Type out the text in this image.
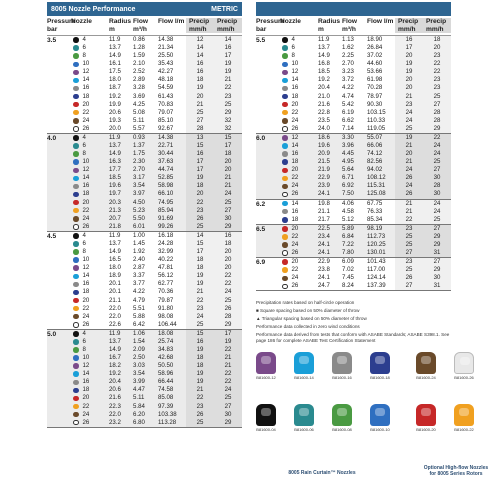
8005 Nozzle Performance	METRIC
Pressure bar
Nozzle	Radius m
Flow m³/h
Flow l/m Precip mm/h
Precip mm/h
3.5	4	11.9	0.86	14.38	12	14
6	13.7	1.28	21.34	14	16
8	14.9	1.59	25.50	14	17
10	16.1	2.10	35.43	16	19
12	17.5	2.52	42.27	16	19
14	18.0	2.89	48.18	18	21
16	18.7	3.28	54.59	19	22
18	19.2	3.69	61.43	20	23
20	19.9	4.25	70.83	21	25
22	20.6	5.08	79.07	25	29
24	19.3	5.11	85.10	27	32
26	20.0	5.57	92.67	28	32
4.0	4	11.9	0.93	14.38	13	15
6	13.7	1.37	22.71	15	17
8	14.9	1.75	30.44	16	18
10	16.3	2.30	37.63	17	20
12	17.7	2.70	44.74	17	20
14	18.5	3.17	52.85	19	21
16	19.6	3.54	58.98	18	21
18	19.7	3.97	66.10	20	24
20	20.3	4.50	74.95	22	25
22	21.3	5.23	85.94	23	27
24	20.7	5.50	91.69	26	30
26	21.8	6.01	99.26	25	29
4.5	4	11.9	1.00	16.18	14	16
6	13.7	1.45	24.28	15	18
8	14.9	1.92	32.99	17	20
10	16.5	2.40	40.22	18	20
12	18.0	2.87	47.81	18	20
14	18.9	3.37	56.12	19	22
16	20.1	3.77	62.77	19	22
18	20.1	4.22	70.36	21	24
20	21.1	4.79	79.87	22	25
22	22.0	5.51	91.80	23	26
24	22.0	5.88	98.08	24	28
26	22.6	6.42	106.44	25	29
5.0	4	11.9	1.06	18.08	15	17
6	13.7	1.54	25.74	16	19
8	14.9	2.09	34.83	19	22
10	16.7	2.50	42.68	18	21
12	18.2	3.03	50.50	18	21
14	19.2	3.54	58.96	19	22
16	20.4	3.99	66.44	19	22
18	20.6	4.47	74.58	21	24
20	21.6	5.11	85.08	22	25
22	22.3	5.84	97.39	23	27
24	22.0	6.20	103.38	26	30
26	23.2	6.80	113.28	25	29
Pressure bar
Nozzle	Radius m
Flow m³/h
Flow l/m Precip mm/h
Precip mm/h
5.5	4	11.9	1.13	18.90	16	18
6	13.7	1.62	26.84	17	20
8	14.9	2.25	37.02	20	23
10	16.8	2.70	44.60	19	22
12	18.5	3.23	53.66	19	22
14	19.2	3.72	61.98	20	23
16	20.4	4.22	70.28	20	23
18	21.0	4.74	78.97	21	25
20	21.6	5.42	90.30	23	27
22	22.8	6.19	103.15	24	28
24	23.5	6.62	110.33	24	28
26	24.0	7.14	119.05	25	29
6.0	12	18.6	3.30	55.07	19	22
14	19.6	3.96	66.06	21	24
16	20.9	4.45	74.12	20	24
18	21.5	4.95	82.56	21	25
20	21.9	5.64	94.02	24	27
22	22.9	6.71	108.12	26	30
24	23.9	6.92	115.31	24	28
26	24.1	7.50	125.08	26	30
6.2	14	19.8	4.06	67.75	21	24
16	21.1	4.58	76.33	21	24
18	21.7	5.12	85.34	22	25
6.5	20	22.5	5.89	98.19	23	27
22	23.4	6.84	112.73	25	29
24	24.1	7.22	120.25	25	29
26	24.1	7.80	130.01	27	31
6.9	20	22.9	6.09	101.43	23	27
22	23.8	7.02	117.00	25	29
24	24.1	7.45	124.14	26	30
26	24.7	8.24	137.39	27	31

Precipitation rates based on half-circle operation

■ Square spacing based on 50% diameter of throw

▲ Triangular spacing based on 50% diameter of throw

Performance data collected in zero wind conditions

Performance data derived from tests that conform with ASABE Standards; ASABE S398.1. See page 186 for complete ASABE Test Certification Statement

B81600-12	B81600-14	B81600-16	B81600-18	B81600-24	B81600-26
B81600-04	B81600-06	B81600-08	B81600-10	B81600-20	B81600-22
8005 Rain Curtain™ Nozzles
Optional High-flow Nozzles for 8005 Series Rotors
